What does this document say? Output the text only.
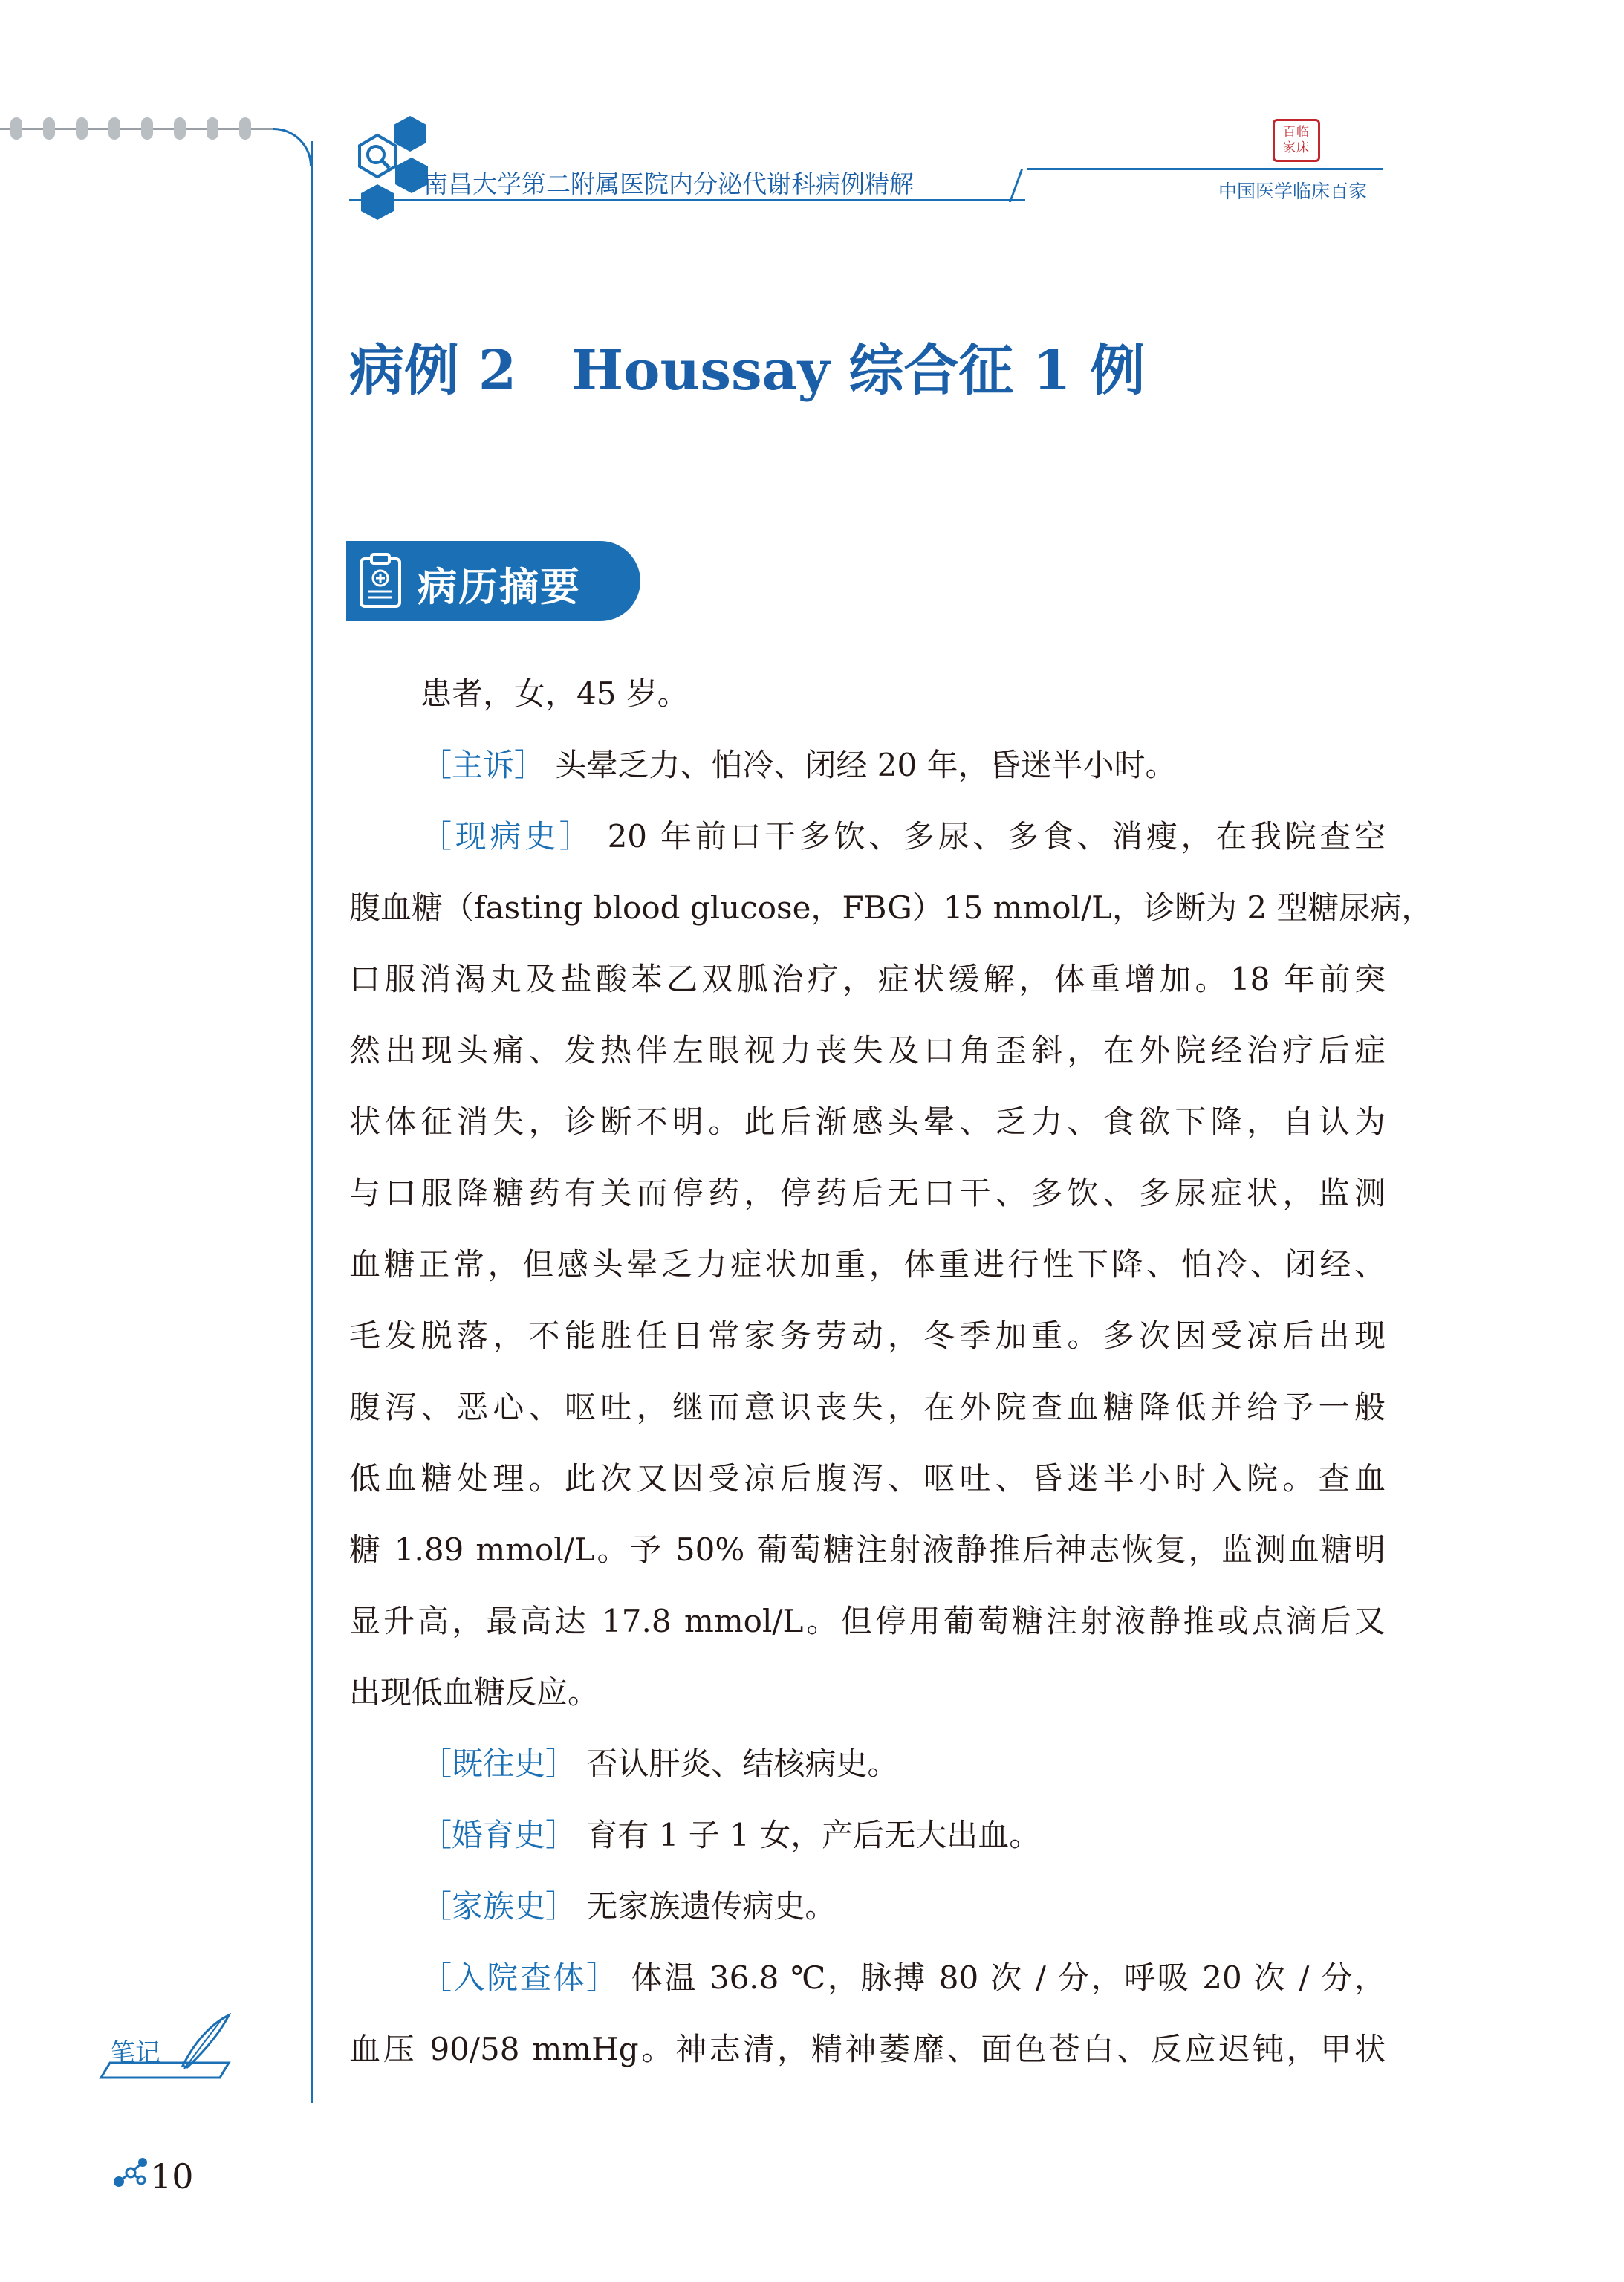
南昌大学第二附属医院内分泌代谢科病例精解
百临
家床
中国医学临床百家
病例 2　Houssay 综合征 1 例
病历摘要
患者，女，45 岁。
［主诉］ 头晕乏力、怕冷、闭经 20 年，昏迷半小时。
［现病史］ 20 年前口干多饮、多尿、多食、消瘦，在我院查空
腹血糖（fasting blood glucose，FBG）15 mmol/L，诊断为 2 型糖尿病，
口服消渴丸及盐酸苯乙双胍治疗，症状缓解，体重增加。18 年前突
然出现头痛、发热伴左眼视力丧失及口角歪斜，在外院经治疗后症
状体征消失，诊断不明。此后渐感头晕、乏力、食欲下降，自认为
与口服降糖药有关而停药，停药后无口干、多饮、多尿症状，监测
血糖正常，但感头晕乏力症状加重，体重进行性下降、怕冷、闭经、
毛发脱落，不能胜任日常家务劳动，冬季加重。多次因受凉后出现
腹泻、恶心、呕吐，继而意识丧失，在外院查血糖降低并给予一般
低血糖处理。此次又因受凉后腹泻、呕吐、昏迷半小时入院。查血
糖 1.89 mmol/L。予 50% 葡萄糖注射液静推后神志恢复，监测血糖明
显升高，最高达 17.8 mmol/L。但停用葡萄糖注射液静推或点滴后又
出现低血糖反应。
［既往史］ 否认肝炎、结核病史。
［婚育史］ 育有 1 子 1 女，产后无大出血。
［家族史］ 无家族遗传病史。
［入院查体］ 体温 36.8 ℃，脉搏 80 次 / 分，呼吸 20 次 / 分，
血压 90/58 mmHg。神志清，精神萎靡、面色苍白、反应迟钝，甲状
笔记
10
